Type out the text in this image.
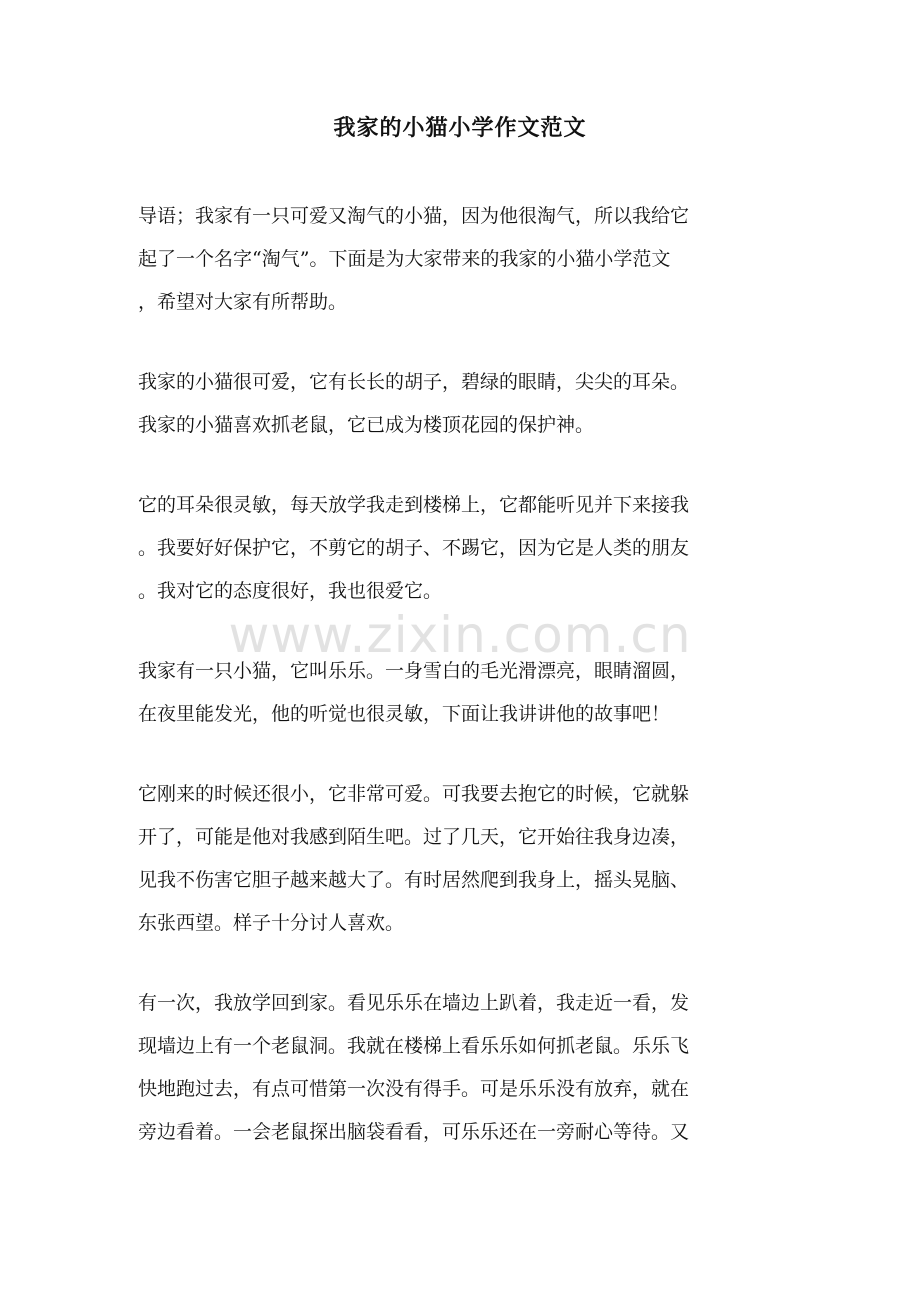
我家的小猫小学作文范文

导语；我家有一只可爱又淘气的小猫，因为他很淘气，所以我给它
起了一个名字“淘气”。下面是为大家带来的我家的小猫小学范文
，希望对大家有所帮助。

我家的小猫很可爱，它有长长的胡子，碧绿的眼睛，尖尖的耳朵。
我家的小猫喜欢抓老鼠，它已成为楼顶花园的保护神。

它的耳朵很灵敏，每天放学我走到楼梯上，它都能听见并下来接我
。我要好好保护它，不剪它的胡子、不踢它，因为它是人类的朋友
。我对它的态度很好，我也很爱它。

我家有一只小猫，它叫乐乐。一身雪白的毛光滑漂亮，眼睛溜圆，
在夜里能发光，他的听觉也很灵敏，下面让我讲讲他的故事吧！

它刚来的时候还很小，它非常可爱。可我要去抱它的时候，它就躲
开了，可能是他对我感到陌生吧。过了几天，它开始往我身边凑，
见我不伤害它胆子越来越大了。有时居然爬到我身上，摇头晃脑、
东张西望。样子十分讨人喜欢。

有一次，我放学回到家。看见乐乐在墙边上趴着，我走近一看，发
现墙边上有一个老鼠洞。我就在楼梯上看乐乐如何抓老鼠。乐乐飞
快地跑过去，有点可惜第一次没有得手。可是乐乐没有放弃，就在
旁边看着。一会老鼠探出脑袋看看，可乐乐还在一旁耐心等待。又

www.zixin.com.cn
